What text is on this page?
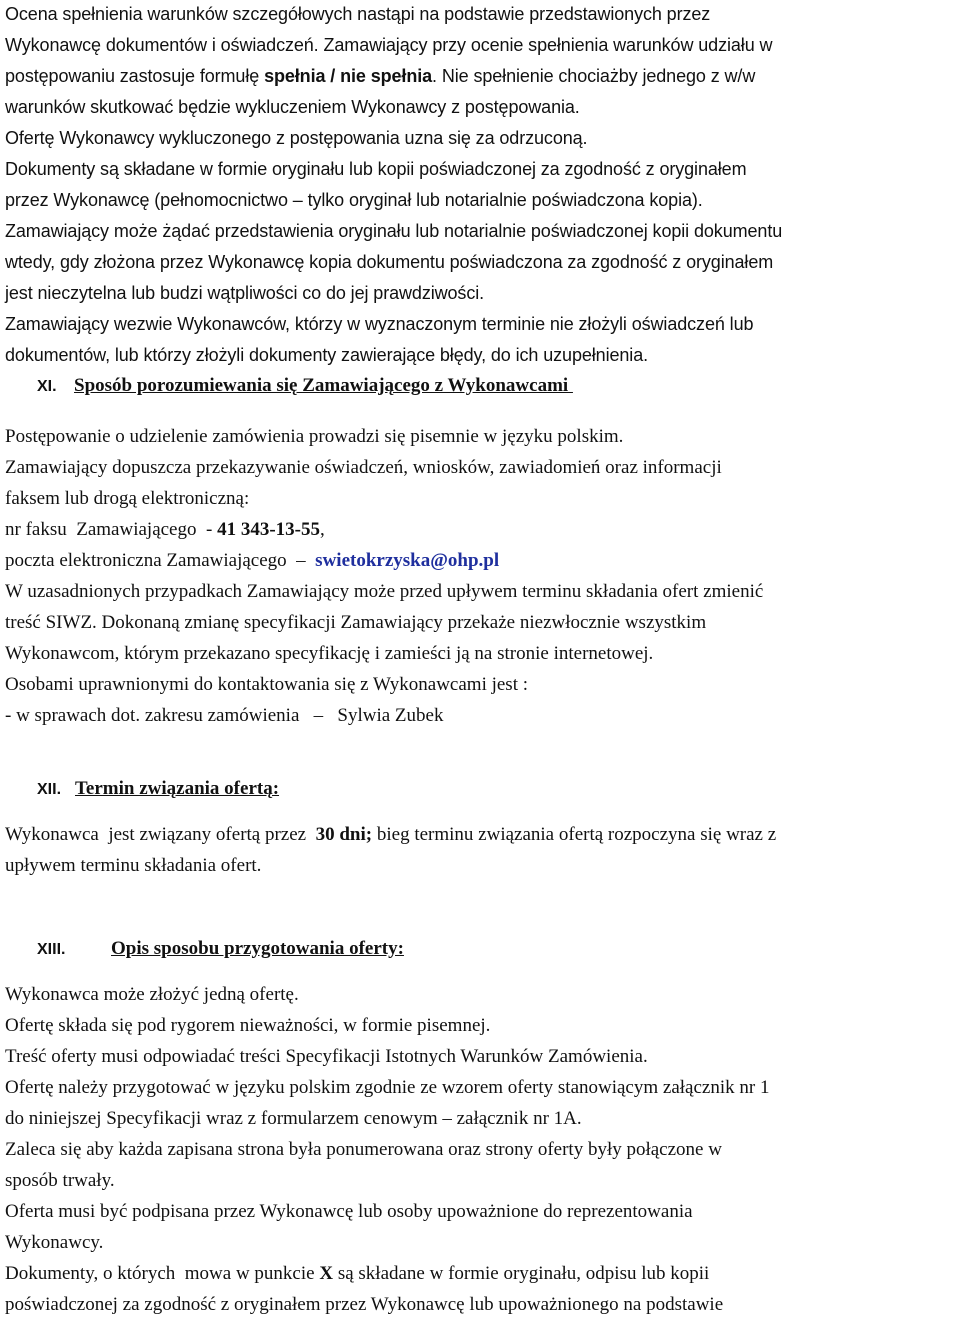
Ocena spełnienia warunków szczegółowych nastąpi na podstawie przedstawionych przez
Wykonawcę dokumentów i oświadczeń. Zamawiający przy ocenie spełnienia warunków udziału w
postępowaniu zastosuje formułę spełnia / nie spełnia. Nie spełnienie chociażby jednego z w/w
warunków skutkować będzie wykluczeniem Wykonawcy z postępowania.
Ofertę Wykonawcy wykluczonego z postępowania uzna się za odrzuconą.
Dokumenty są składane w formie oryginału lub kopii poświadczonej za zgodność z oryginałem
przez Wykonawcę (pełnomocnictwo – tylko oryginał lub notarialnie poświadczona kopia).
Zamawiający może żądać przedstawienia oryginału lub notarialnie poświadczonej kopii dokumentu
wtedy, gdy złożona przez Wykonawcę kopia dokumentu poświadczona za zgodność z oryginałem
jest nieczytelna lub budzi wątpliwości co do jej prawdziwości.
Zamawiający wezwie Wykonawców, którzy w wyznaczonym terminie nie złożyli oświadczeń lub
dokumentów, lub którzy złożyli dokumenty zawierające błędy, do ich uzupełnienia.
XI. Sposób porozumiewania się Zamawiającego z Wykonawcami
Postępowanie o udzielenie zamówienia prowadzi się pisemnie w języku polskim.
Zamawiający dopuszcza przekazywanie oświadczeń, wniosków, zawiadomień oraz informacji
faksem lub drogą elektroniczną:
nr faksu  Zamawiającego  - 41 343-13-55,
poczta elektroniczna Zamawiającego  –  swietokrzyska@ohp.pl
W uzasadnionych przypadkach Zamawiający może przed upływem terminu składania ofert zmienić
treść SIWZ. Dokonaną zmianę specyfikacji Zamawiający przekaże niezwłocznie wszystkim
Wykonawcom, którym przekazano specyfikację i zamieści ją na stronie internetowej.
Osobami uprawnionymi do kontaktowania się z Wykonawcami jest :
- w sprawach dot. zakresu zamówienia   –   Sylwia Zubek
XII. Termin związania ofertą:
Wykonawca  jest związany ofertą przez  30 dni; bieg terminu związania ofertą rozpoczyna się wraz z
upływem terminu składania ofert.
XIII. Opis sposobu przygotowania oferty:
Wykonawca może złożyć jedną ofertę.
Ofertę składa się pod rygorem nieważności, w formie pisemnej.
Treść oferty musi odpowiadać treści Specyfikacji Istotnych Warunków Zamówienia.
Ofertę należy przygotować w języku polskim zgodnie ze wzorem oferty stanowiącym załącznik nr 1
do niniejszej Specyfikacji wraz z formularzem cenowym – załącznik nr 1A.
Zaleca się aby każda zapisana strona była ponumerowana oraz strony oferty były połączone w
sposób trwały.
Oferta musi być podpisana przez Wykonawcę lub osoby upoważnione do reprezentowania
Wykonawcy.
Dokumenty, o których  mowa w punkcie X są składane w formie oryginału, odpisu lub kopii
poświadczonej za zgodność z oryginałem przez Wykonawcę lub upoważnionego na podstawie
